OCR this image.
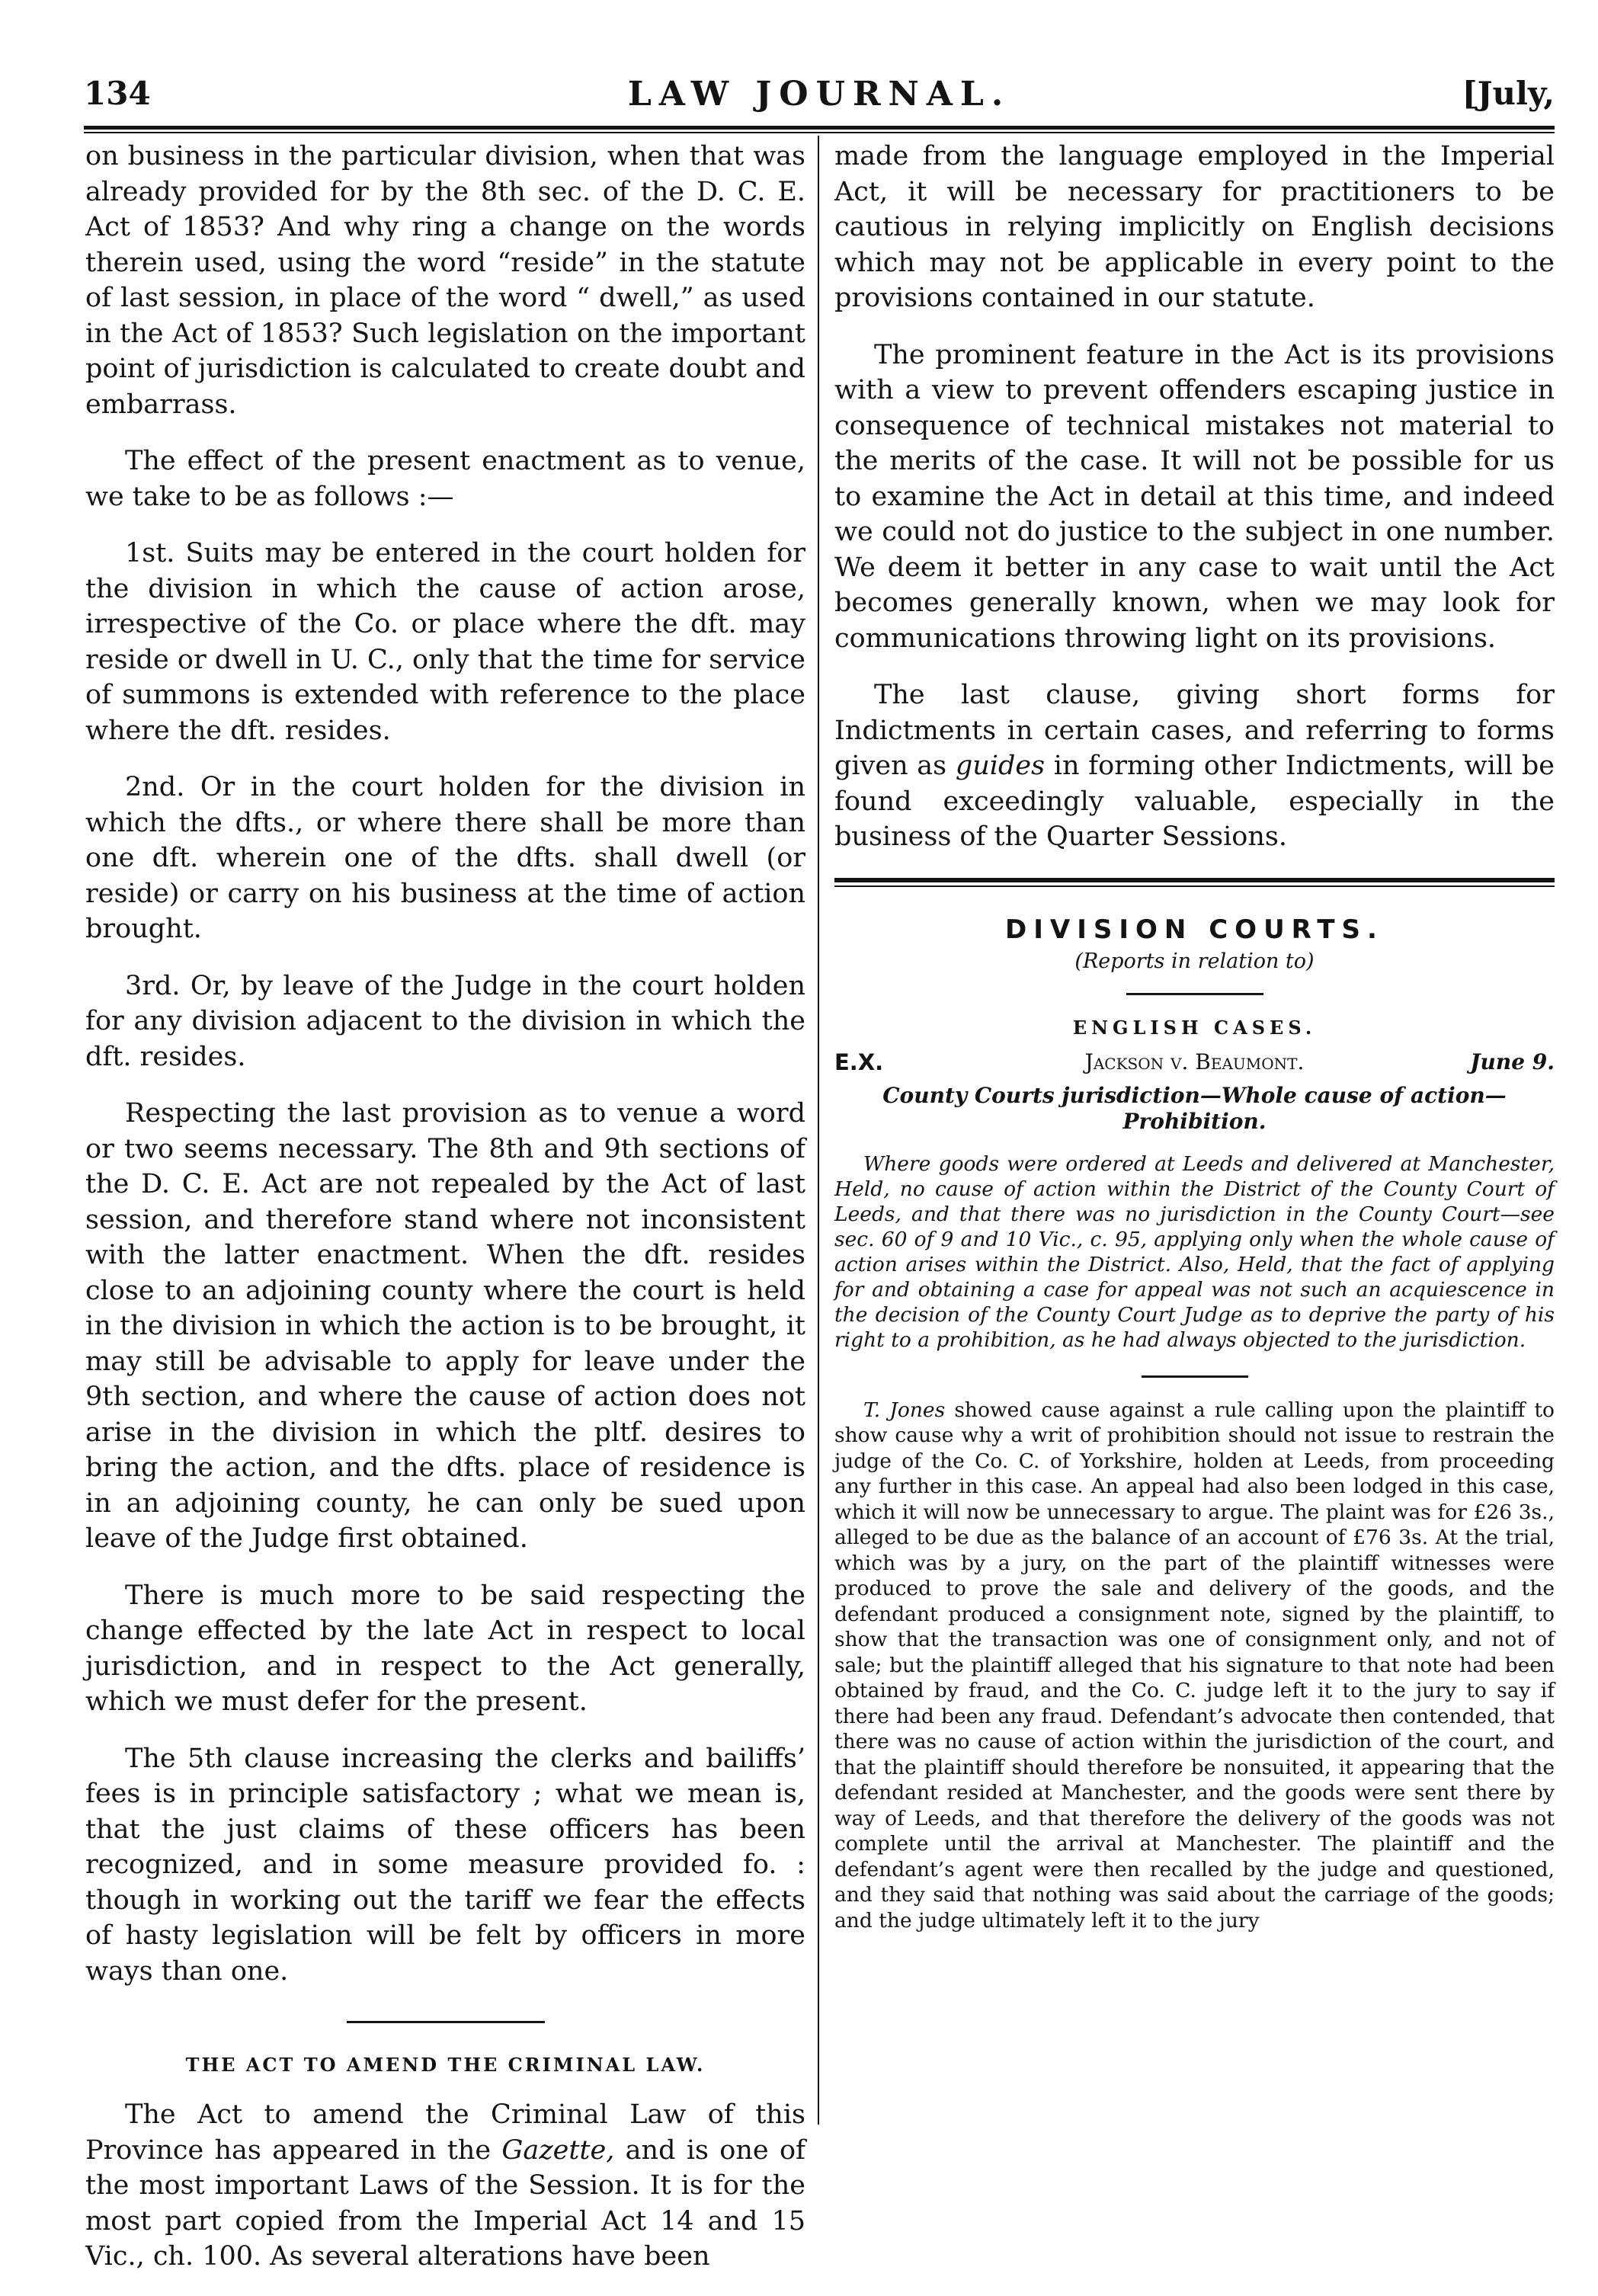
134	LAW JOURNAL.	[July,

on business in the particular division, when that was already provided for by the 8th sec. of the D. C. E. Act of 1853? And why ring a change on the words therein used, using the word “reside” in the statute of last session, in place of the word “ dwell,” as used in the Act of 1853? Such legislation on the important point of jurisdiction is calculated to create doubt and embarrass.

The effect of the present enactment as to venue, we take to be as follows :—

1st. Suits may be entered in the court holden for the division in which the cause of action arose, irrespective of the Co. or place where the dft. may reside or dwell in U. C., only that the time for service of summons is extended with reference to the place where the dft. resides.

2nd. Or in the court holden for the division in which the dfts., or where there shall be more than one dft. wherein one of the dfts. shall dwell (or reside) or carry on his business at the time of action brought.

3rd. Or, by leave of the Judge in the court holden for any division adjacent to the division in which the dft. resides.

Respecting the last provision as to venue a word or two seems necessary. The 8th and 9th sections of the D. C. E. Act are not repealed by the Act of last session, and therefore stand where not inconsistent with the latter enactment. When the dft. resides close to an adjoining county where the court is held in the division in which the action is to be brought, it may still be advisable to apply for leave under the 9th section, and where the cause of action does not arise in the division in which the pltf. desires to bring the action, and the dfts. place of residence is in an adjoining county, he can only be sued upon leave of the Judge first obtained.

There is much more to be said respecting the change effected by the late Act in respect to local jurisdiction, and in respect to the Act generally, which we must defer for the present.

The 5th clause increasing the clerks and bailiffs’ fees is in principle satisfactory ; what we mean is, that the just claims of these officers has been recognized, and in some measure provided fo. : though in working out the tariff we fear the effects of hasty legislation will be felt by officers in more ways than one.

THE ACT TO AMEND THE CRIMINAL LAW.

The Act to amend the Criminal Law of this Province has appeared in the Gazette, and is one of the most important Laws of the Session. It is for the most part copied from the Imperial Act 14 and 15 Vic., ch. 100. As several alterations have been

made from the language employed in the Imperial Act, it will be necessary for practitioners to be cautious in relying implicitly on English decisions which may not be applicable in every point to the provisions contained in our statute.

The prominent feature in the Act is its provisions with a view to prevent offenders escaping justice in consequence of technical mistakes not material to the merits of the case. It will not be possible for us to examine the Act in detail at this time, and indeed we could not do justice to the subject in one number. We deem it better in any case to wait until the Act becomes generally known, when we may look for communications throwing light on its provisions.

The last clause, giving short forms for Indictments in certain cases, and referring to forms given as guides in forming other Indictments, will be found exceedingly valuable, especially in the business of the Quarter Sessions.

DIVISION COURTS.
(Reports in relation to)
ENGLISH CASES.
E.X.	Jackson v. Beaumont.	June 9.
County Courts jurisdiction—Whole cause of action—Prohibition.
Where goods were ordered at Leeds and delivered at Manchester, Held, no cause of action within the District of the County Court of Leeds, and that there was no jurisdiction in the County Court—see sec. 60 of 9 and 10 Vic., c. 95, applying only when the whole cause of action arises within the District. Also, Held, that the fact of applying for and obtaining a case for appeal was not such an acquiescence in the decision of the County Court Judge as to deprive the party of his right to a prohibition, as he had always objected to the jurisdiction.

T. Jones showed cause against a rule calling upon the plaintiff to show cause why a writ of prohibition should not issue to restrain the judge of the Co. C. of Yorkshire, holden at Leeds, from proceeding any further in this case. An appeal had also been lodged in this case, which it will now be unnecessary to argue. The plaint was for £26 3s., alleged to be due as the balance of an account of £76 3s. At the trial, which was by a jury, on the part of the plaintiff witnesses were produced to prove the sale and delivery of the goods, and the defendant produced a consignment note, signed by the plaintiff, to show that the transaction was one of consignment only, and not of sale; but the plaintiff alleged that his signature to that note had been obtained by fraud, and the Co. C. judge left it to the jury to say if there had been any fraud. Defendant’s advocate then contended, that there was no cause of action within the jurisdiction of the court, and that the plaintiff should therefore be nonsuited, it appearing that the defendant resided at Manchester, and the goods were sent there by way of Leeds, and that therefore the delivery of the goods was not complete until the arrival at Manchester. The plaintiff and the defendant’s agent were then recalled by the judge and questioned, and they said that nothing was said about the carriage of the goods; and the judge ultimately left it to the jury
